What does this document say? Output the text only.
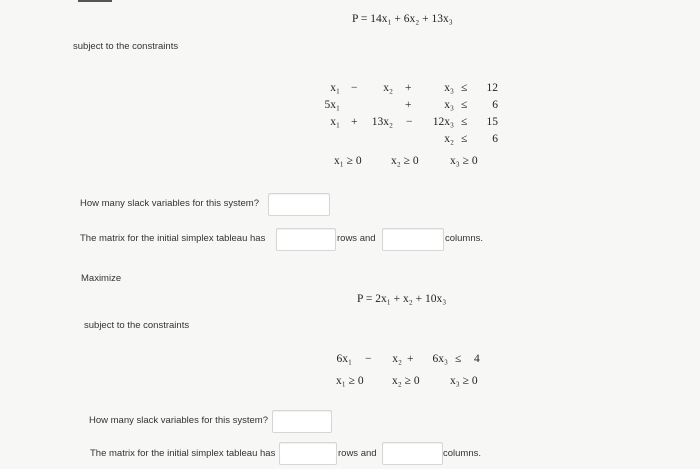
P = 14x₁ + 6x₂ + 13x₃
subject to the constraints
x₁ −	x₂ +	x₃ ≤	12
5x₁	+	x₃ ≤	6
x₁ +	13x₂ −	12x₃ ≤	15
x₂ ≤	6
x₁ ≥ 0	x₂ ≥ 0	x₃ ≥ 0
How many slack variables for this system?
The matrix for the initial simplex tableau has	rows and	columns.
Maximize
P = 2x₁ + x₂ + 10x₃
subject to the constraints
6x₁ −	x₂ +	6x₃ ≤ 4
x₁ ≥ 0 x₂ ≥ 0	x₃ ≥ 0
How many slack variables for this system?
The matrix for the initial simplex tableau has	rows and	columns.
